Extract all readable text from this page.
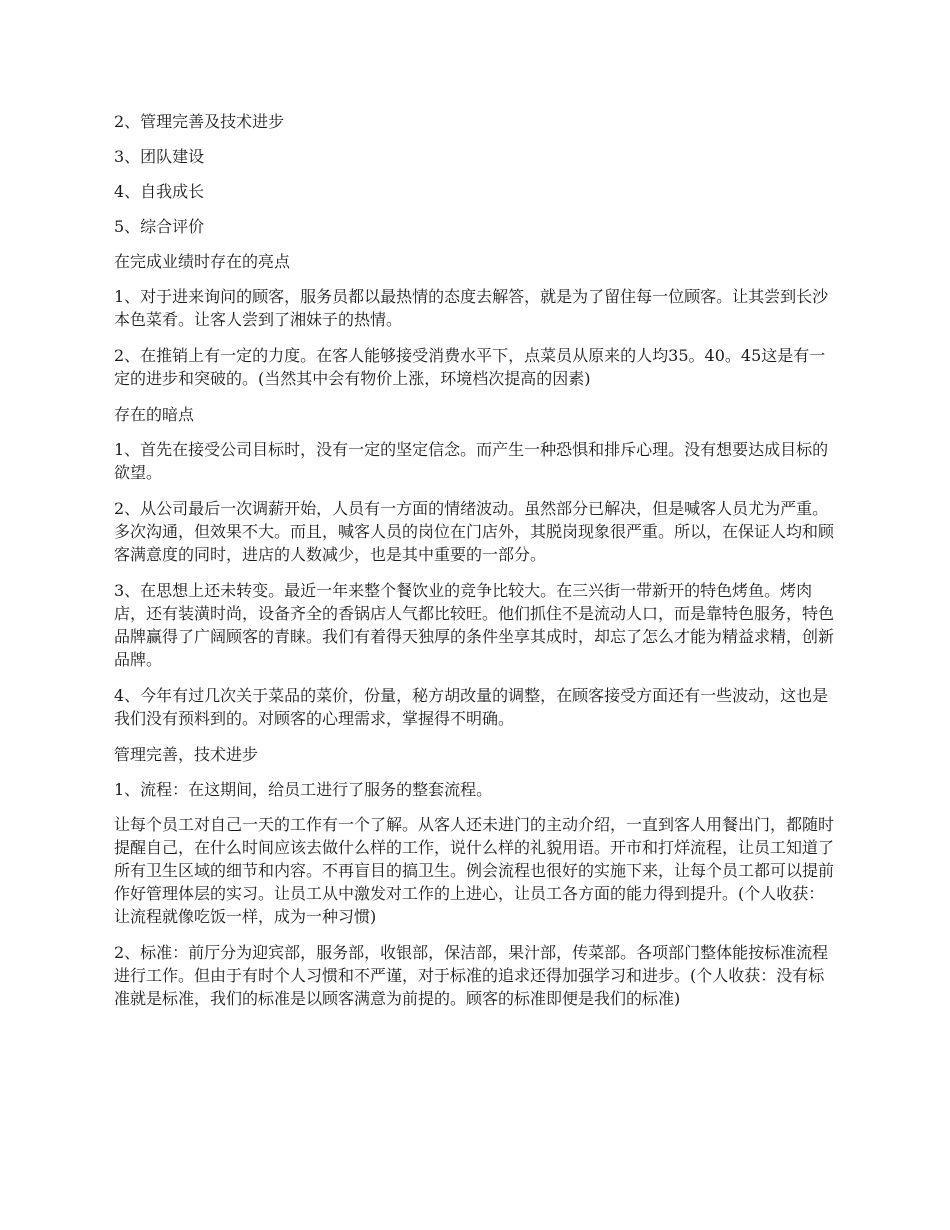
2、管理完善及技术进步

3、团队建设

4、自我成长

5、综合评价

在完成业绩时存在的亮点

1、对于进来询问的顾客，服务员都以最热情的态度去解答，就是为了留住每一位顾客。让其尝到长沙本色菜肴。让客人尝到了湘妹子的热情。

2、在推销上有一定的力度。在客人能够接受消费水平下，点菜员从原来的人均35。40。45这是有一定的进步和突破的。(当然其中会有物价上涨，环境档次提高的因素)

存在的暗点

1、首先在接受公司目标时，没有一定的坚定信念。而产生一种恐惧和排斥心理。没有想要达成目标的欲望。

2、从公司最后一次调薪开始，人员有一方面的情绪波动。虽然部分已解决，但是喊客人员尤为严重。多次沟通，但效果不大。而且，喊客人员的岗位在门店外，其脱岗现象很严重。所以，在保证人均和顾客满意度的同时，进店的人数减少，也是其中重要的一部分。

3、在思想上还未转变。最近一年来整个餐饮业的竞争比较大。在三兴街一带新开的特色烤鱼。烤肉店，还有装潢时尚，设备齐全的香锅店人气都比较旺。他们抓住不是流动人口，而是靠特色服务，特色品牌赢得了广阔顾客的青睐。我们有着得天独厚的条件坐享其成时，却忘了怎么才能为精益求精，创新品牌。

4、今年有过几次关于菜品的菜价，份量，秘方胡改量的调整，在顾客接受方面还有一些波动，这也是我们没有预料到的。对顾客的心理需求，掌握得不明确。

管理完善，技术进步

1、流程：在这期间，给员工进行了服务的整套流程。

让每个员工对自己一天的工作有一个了解。从客人还未进门的主动介绍，一直到客人用餐出门，都随时提醒自己，在什么时间应该去做什么样的工作，说什么样的礼貌用语。开市和打烊流程，让员工知道了所有卫生区域的细节和内容。不再盲目的搞卫生。例会流程也很好的实施下来，让每个员工都可以提前作好管理体层的实习。让员工从中激发对工作的上进心，让员工各方面的能力得到提升。(个人收获：让流程就像吃饭一样，成为一种习惯)

2、标准：前厅分为迎宾部，服务部，收银部，保洁部，果汁部，传菜部。各项部门整体能按标准流程进行工作。但由于有时个人习惯和不严谨，对于标准的追求还得加强学习和进步。(个人收获：没有标准就是标准，我们的标准是以顾客满意为前提的。顾客的标准即便是我们的标准)
